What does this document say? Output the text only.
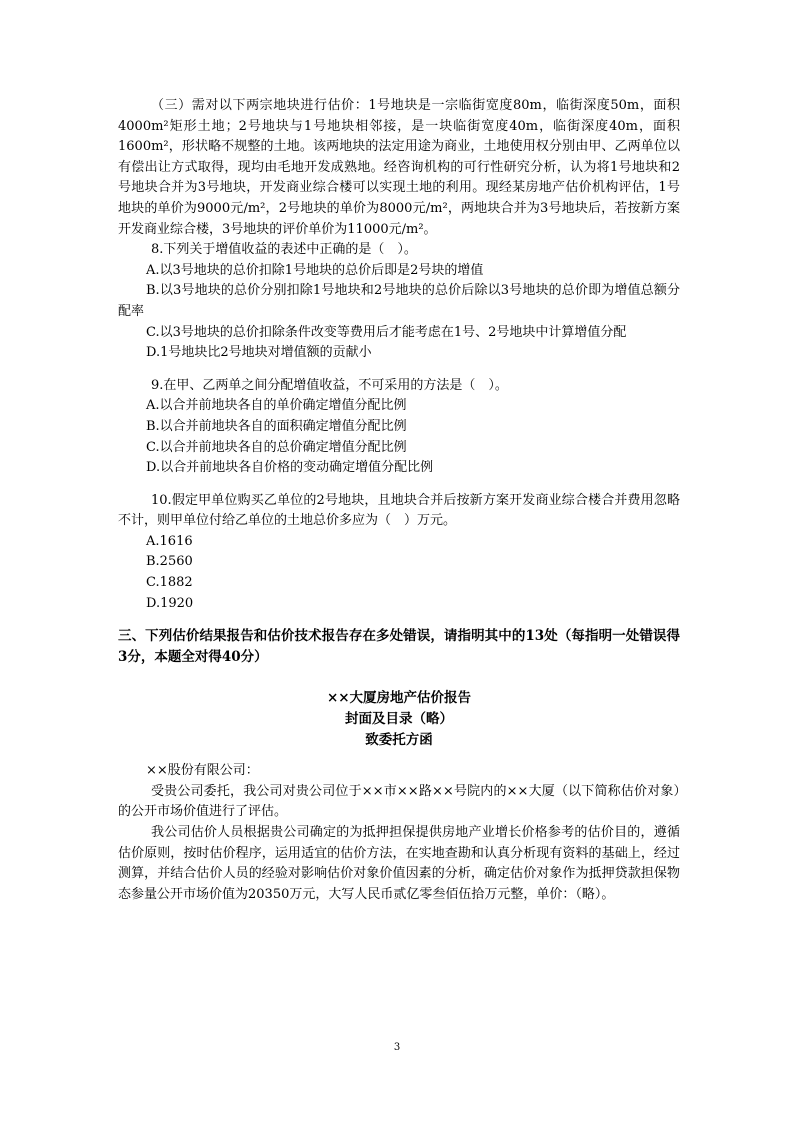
（三）需对以下两宗地块进行估价：1号地块是一宗临街宽度80m，临街深度50m，面积4000m²矩形土地；2号地块与1号地块相邻接，是一块临街宽度40m，临街深度40m，面积1600m²，形状略不规整的土地。该两地块的法定用途为商业，土地使用权分别由甲、乙两单位以有偿出让方式取得，现均由毛地开发成熟地。经咨询机构的可行性研究分析，认为将1号地块和2号地块合并为3号地块，开发商业综合楼可以实现土地的利用。现经某房地产估价机构评估，1号地块的单价为9000元/m²，2号地块的单价为8000元/m²，两地块合并为3号地块后，若按新方案开发商业综合楼，3号地块的评价单价为11000元/m²。

8.下列关于增值收益的表述中正确的是（　）。

A.以3号地块的总价扣除1号地块的总价后即是2号块的增值

B.以3号地块的总价分别扣除1号地块和2号地块的总价后除以3号地块的总价即为增值总额分配率

C.以3号地块的总价扣除条件改变等费用后才能考虑在1号、2号地块中计算增值分配

D.1号地块比2号地块对增值额的贡献小

9.在甲、乙两单之间分配增值收益，不可采用的方法是（　）。

A.以合并前地块各自的单价确定增值分配比例

B.以合并前地块各自的面积确定增值分配比例

C.以合并前地块各自的总价确定增值分配比例

D.以合并前地块各自价格的变动确定增值分配比例

10.假定甲单位购买乙单位的2号地块，且地块合并后按新方案开发商业综合楼合并费用忽略不计，则甲单位付给乙单位的土地总价多应为（　）万元。

A.1616

B.2560

C.1882

D.1920

三、下列估价结果报告和估价技术报告存在多处错误，请指明其中的13处（每指明一处错误得3分，本题全对得40分）

××大厦房地产估价报告

封面及目录（略）

致委托方函

××股份有限公司：

受贵公司委托，我公司对贵公司位于××市××路××号院内的××大厦（以下简称估价对象）的公开市场价值进行了评估。

我公司估价人员根据贵公司确定的为抵押担保提供房地产业增长价格参考的估价目的，遵循估价原则，按时估价程序，运用适宜的估价方法，在实地查勘和认真分析现有资料的基础上，经过测算，并结合估价人员的经验对影响估价对象价值因素的分析，确定估价对象作为抵押贷款担保物态参量公开市场价值为20350万元，大写人民币贰亿零叁佰伍拾万元整，单价：（略）。

3
